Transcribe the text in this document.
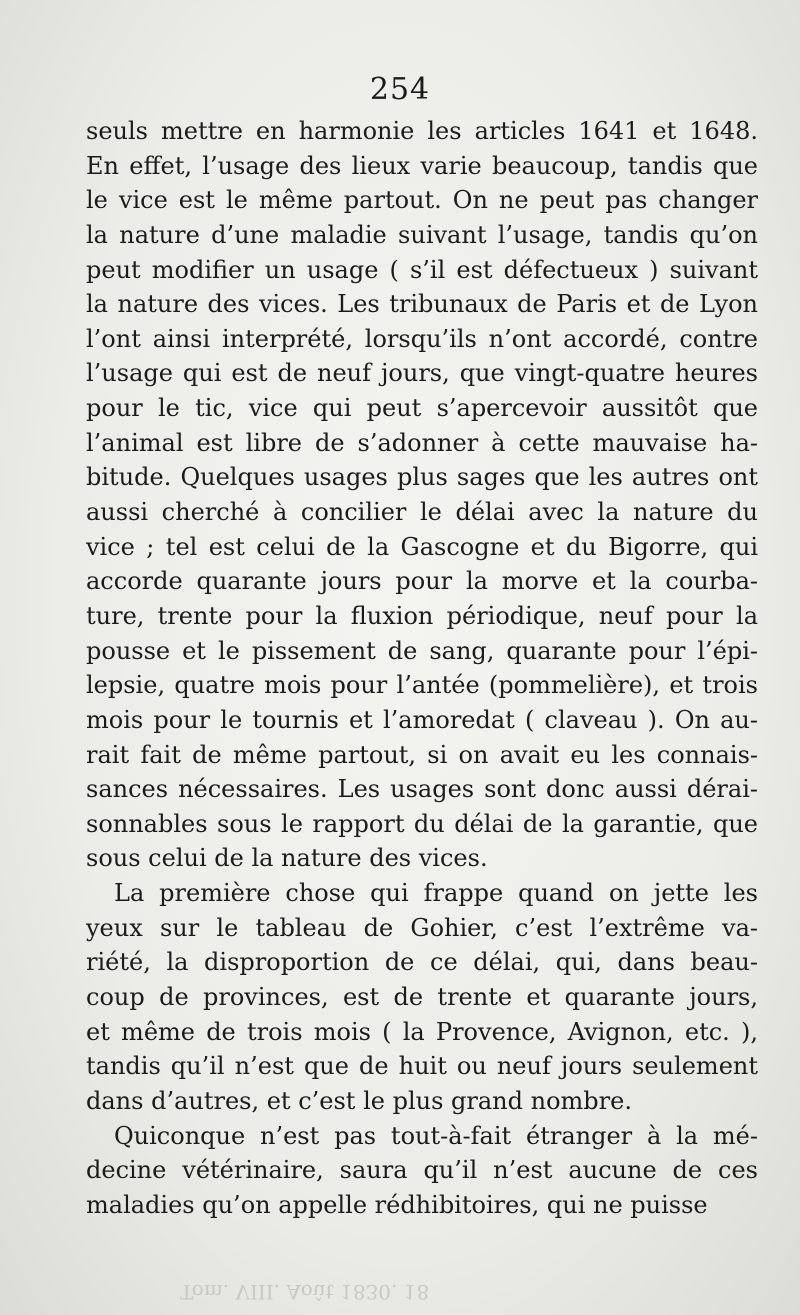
254
seuls mettre en harmonie les articles 1641 et 1648.
En effet, l’usage des lieux varie beaucoup, tandis que
le vice est le même partout. On ne peut pas changer
la nature d’une maladie suivant l’usage, tandis qu’on
peut modifier un usage ( s’il est défectueux ) suivant
la nature des vices. Les tribunaux de Paris et de Lyon
l’ont ainsi interprété, lorsqu’ils n’ont accordé, contre
l’usage qui est de neuf jours, que vingt-quatre heures
pour le tic, vice qui peut s’apercevoir aussitôt que
l’animal est libre de s’adonner à cette mauvaise ha-
bitude. Quelques usages plus sages que les autres ont
aussi cherché à concilier le délai avec la nature du
vice ; tel est celui de la Gascogne et du Bigorre, qui
accorde quarante jours pour la morve et la courba-
ture, trente pour la fluxion périodique, neuf pour la
pousse et le pissement de sang, quarante pour l’épi-
lepsie, quatre mois pour l’antée (pommelière), et trois
mois pour le tournis et l’amoredat ( claveau ). On au-
rait fait de même partout, si on avait eu les connais-
sances nécessaires. Les usages sont donc aussi dérai-
sonnables sous le rapport du délai de la garantie, que
sous celui de la nature des vices.
La première chose qui frappe quand on jette les
yeux sur le tableau de Gohier, c’est l’extrême va-
riété, la disproportion de ce délai, qui, dans beau-
coup de provinces, est de trente et quarante jours,
et même de trois mois ( la Provence, Avignon, etc. ),
tandis qu’il n’est que de huit ou neuf jours seulement
dans d’autres, et c’est le plus grand nombre.
Quiconque n’est pas tout-à-fait étranger à la mé-
decine vétérinaire, saura qu’il n’est aucune de ces
maladies qu’on appelle rédhibitoires, qui ne puisse
Tom. VIII. Août 1830. 18
